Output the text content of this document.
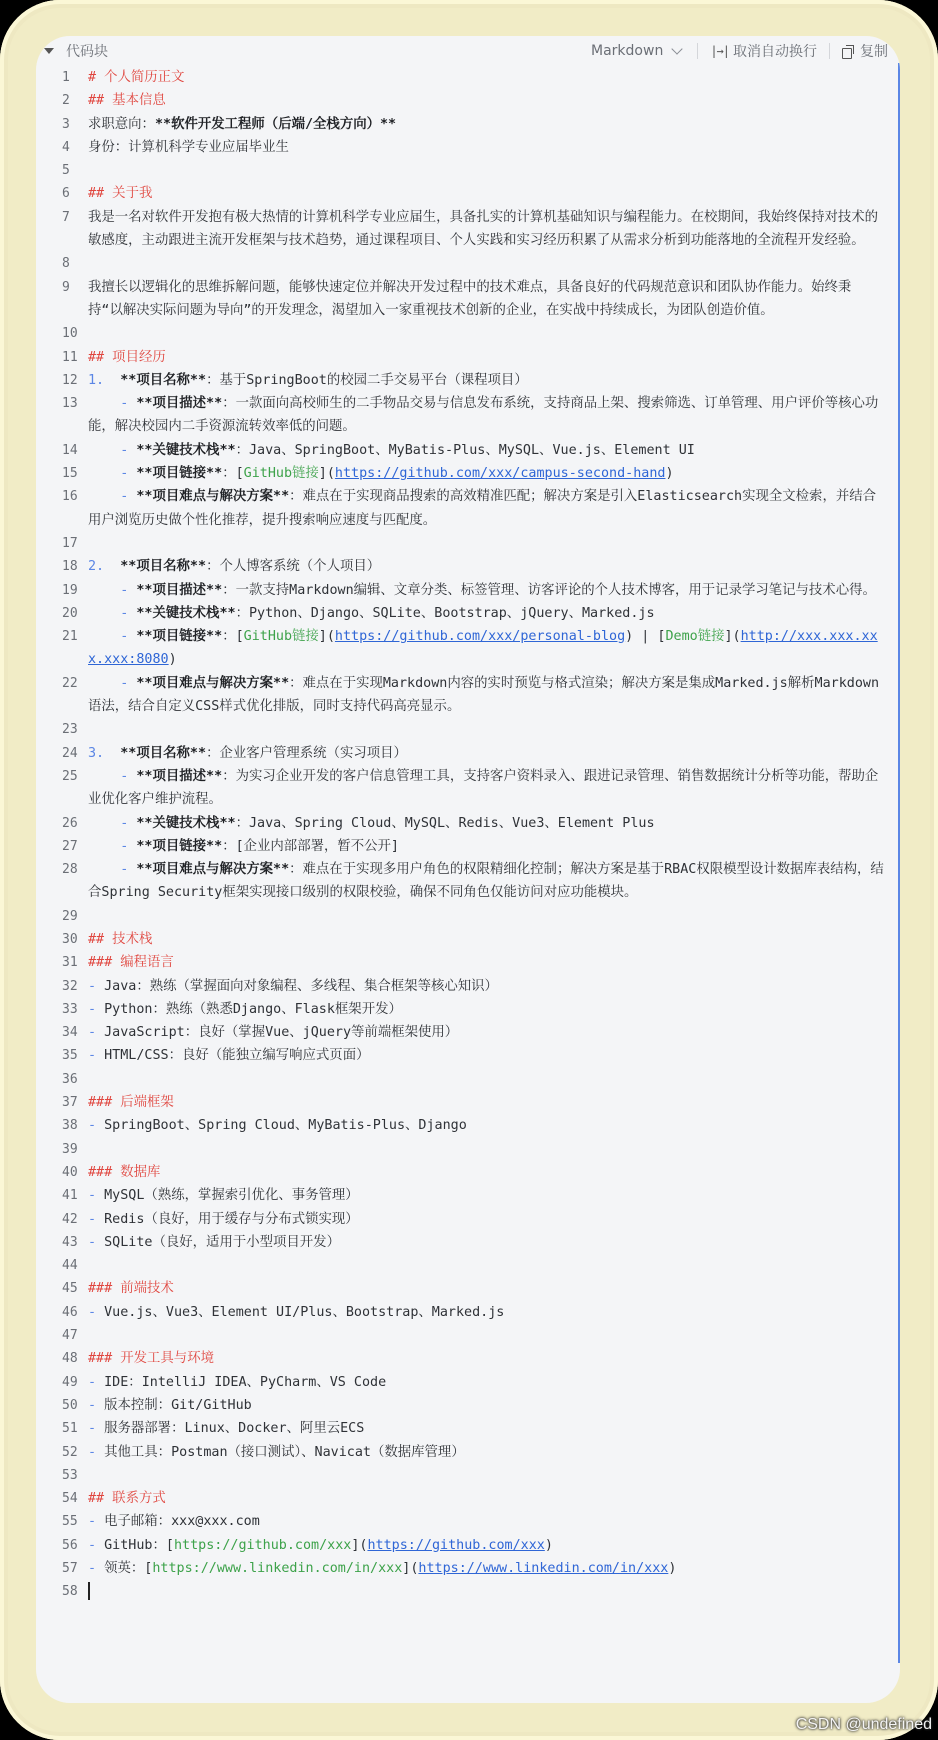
代码块	Markdown	|→| 取消自动换行	复制
1	# 个人简历正文
2	## 基本信息
3	求职意向：**软件开发工程师（后端/全栈方向）**
4	身份：计算机科学专业应届毕业生
5
6	## 关于我
7	我是一名对软件开发抱有极大热情的计算机科学专业应届生，具备扎实的计算机基础知识与编程能力。在校期间，我始终保持对技术的敏感度，主动跟进主流开发框架与技术趋势，通过课程项目、个人实践和实习经历积累了从需求分析到功能落地的全流程开发经验。
8
9	我擅长以逻辑化的思维拆解问题，能够快速定位并解决开发过程中的技术难点，具备良好的代码规范意识和团队协作能力。始终秉持“以解决实际问题为导向”的开发理念，渴望加入一家重视技术创新的企业，在实战中持续成长，为团队创造价值。
10
11 ## 项目经历
12 1.  **项目名称**：基于SpringBoot的校园二手交易平台（课程项目）
13 - **项目描述**：一款面向高校师生的二手物品交易与信息发布系统，支持商品上架、搜索筛选、订单管理、用户评价等核心功能，解决校园内二手资源流转效率低的问题。
14 - **关键技术栈**：Java、SpringBoot、MyBatis-Plus、MySQL、Vue.js、Element UI
15 - **项目链接**：[GitHub链接](https://github.com/xxx/campus-second-hand)
16 - **项目难点与解决方案**：难点在于实现商品搜索的高效精准匹配；解决方案是引入Elasticsearch实现全文检索，并结合用户浏览历史做个性化推荐，提升搜索响应速度与匹配度。
17
18 2.  **项目名称**：个人博客系统（个人项目）
19 - **项目描述**：一款支持Markdown编辑、文章分类、标签管理、访客评论的个人技术博客，用于记录学习笔记与技术心得。
20 - **关键技术栈**：Python、Django、SQLite、Bootstrap、jQuery、Marked.js
21 - **项目链接**：[GitHub链接](https://github.com/xxx/personal-blog) | [Demo链接](http://xxx.xxx.xxx.xxx:8080)
22 - **项目难点与解决方案**：难点在于实现Markdown内容的实时预览与格式渲染；解决方案是集成Marked.js解析Markdown语法，结合自定义CSS样式优化排版，同时支持代码高亮显示。
23
24 3.  **项目名称**：企业客户管理系统（实习项目）
25 - **项目描述**：为实习企业开发的客户信息管理工具，支持客户资料录入、跟进记录管理、销售数据统计分析等功能，帮助企业优化客户维护流程。
26 - **关键技术栈**：Java、Spring Cloud、MySQL、Redis、Vue3、Element Plus
27 - **项目链接**：[企业内部部署，暂不公开]
28 - **项目难点与解决方案**：难点在于实现多用户角色的权限精细化控制；解决方案是基于RBAC权限模型设计数据库表结构，结合Spring Security框架实现接口级别的权限校验，确保不同角色仅能访问对应功能模块。
29
30 ## 技术栈
31 ### 编程语言
32 - Java：熟练（掌握面向对象编程、多线程、集合框架等核心知识）
33 - Python：熟练（熟悉Django、Flask框架开发）
34 - JavaScript：良好（掌握Vue、jQuery等前端框架使用）
35 - HTML/CSS：良好（能独立编写响应式页面）
36
37 ### 后端框架
38 - SpringBoot、Spring Cloud、MyBatis-Plus、Django
39
40 ### 数据库
41 - MySQL（熟练，掌握索引优化、事务管理）
42 - Redis（良好，用于缓存与分布式锁实现）
43 - SQLite（良好，适用于小型项目开发）
44
45 ### 前端技术
46 - Vue.js、Vue3、Element UI/Plus、Bootstrap、Marked.js
47
48 ### 开发工具与环境
49 - IDE：IntelliJ IDEA、PyCharm、VS Code
50 - 版本控制：Git/GitHub
51 - 服务器部署：Linux、Docker、阿里云ECS
52 - 其他工具：Postman（接口测试）、Navicat（数据库管理）
53
54 ## 联系方式
55 - 电子邮箱：xxx@xxx.com
56 - GitHub：[https://github.com/xxx](https://github.com/xxx)
57 - 领英：[https://www.linkedin.com/in/xxx](https://www.linkedin.com/in/xxx)
58
CSDN @undefined
